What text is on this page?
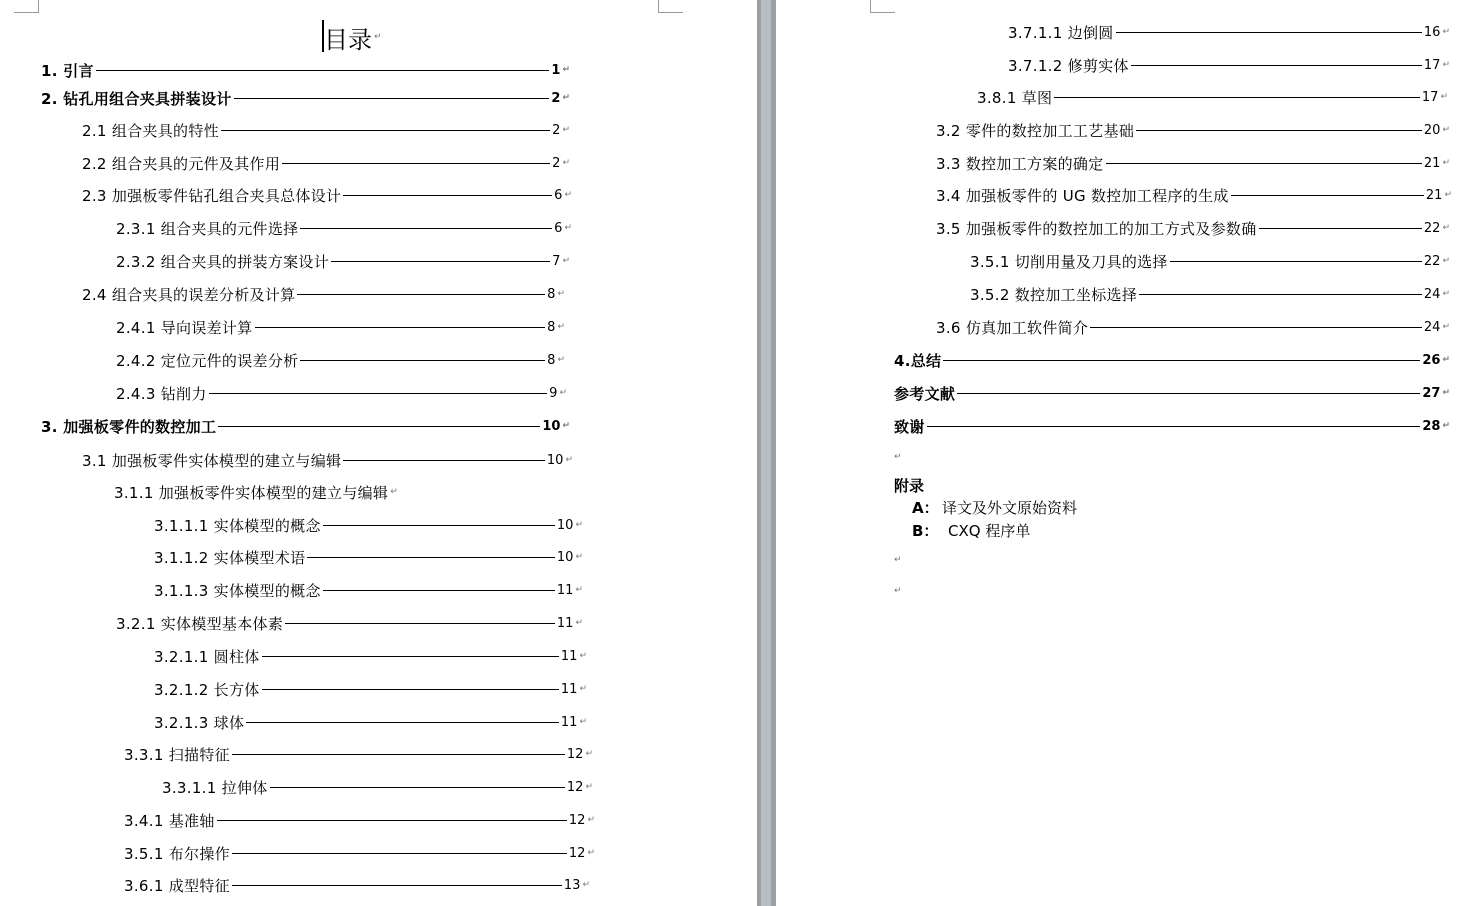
目录 ↵
1. 引言	1 ↵
2. 钻孔用组合夹具拼装设计	2 ↵
2.1 组合夹具的特性	2 ↵
2.2 组合夹具的元件及其作用	2 ↵
2.3 加强板零件钻孔组合夹具总体设计	6 ↵
2.3.1 组合夹具的元件选择	6 ↵
2.3.2 组合夹具的拼装方案设计	7 ↵
2.4 组合夹具的误差分析及计算	8 ↵
2.4.1 导向误差计算	8 ↵
2.4.2 定位元件的误差分析	8 ↵
2.4.3 钻削力	9 ↵
3. 加强板零件的数控加工	10 ↵
3.1 加强板零件实体模型的建立与编辑	10 ↵
3.1.1 加强板零件实体模型的建立与编辑 ↵
3.1.1.1 实体模型的概念	10 ↵
3.1.1.2 实体模型术语	10 ↵
3.1.1.3 实体模型的概念	11 ↵
3.2.1 实体模型基本体素	11 ↵
3.2.1.1 圆柱体	11 ↵
3.2.1.2 长方体	11 ↵
3.2.1.3 球体	11 ↵
3.3.1 扫描特征	12 ↵
3.3.1.1 拉伸体	12 ↵
3.4.1 基准轴	12 ↵
3.5.1 布尔操作	12 ↵
3.6.1 成型特征	13 ↵
3.7.1.1 边倒圆	16 ↵
3.7.1.2 修剪实体	17 ↵
3.8.1 草图	17 ↵
3.2 零件的数控加工工艺基础	20 ↵
3.3 数控加工方案的确定	21 ↵
3.4 加强板零件的 UG 数控加工程序的生成	21 ↵
3.5 加强板零件的数控加工的加工方式及参数确	22 ↵
3.5.1 切削用量及刀具的选择	22 ↵
3.5.2 数控加工坐标选择	24 ↵
3.6 仿真加工软件简介	24 ↵
4.总结	26 ↵
参考文献	27 ↵
致谢	28 ↵
↵
附录
A： 译文及外文原始资料
B： CXQ 程序单
↵
↵
